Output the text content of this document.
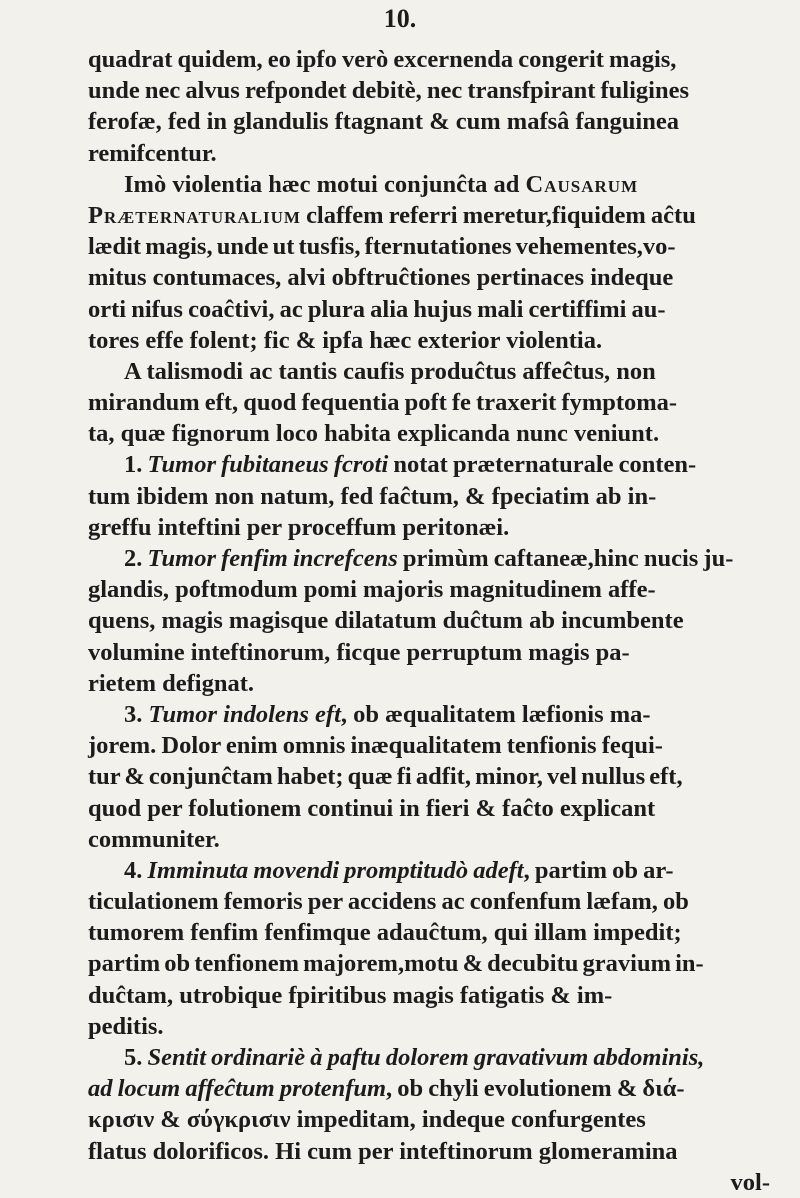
10.
quadrat quidem, eo ipfo verò excernenda congerit magis,
unde nec alvus refpondet debitè, nec transfpirant fuligines
ferofæ, fed in glandulis ftagnant & cum mafsâ fanguinea
remifcentur.
Imò violentia hæc motui conjunĉta ad Causarum
Præternaturalium claffem referri meretur,fiquidem aĉtu
lædit magis, unde ut tusfis, fternutationes vehementes,vo-
mitus contumaces, alvi obftruĉtiones pertinaces indeque
orti nifus coaĉtivi, ac plura alia hujus mali certiffimi au-
tores effe folent; fic & ipfa hæc exterior violentia.
A talismodi ac tantis caufis produĉtus affeĉtus, non
mirandum eft, quod fequentia poft fe traxerit fymptoma-
ta, quæ fignorum loco habita explicanda nunc veniunt.
1. Tumor fubitaneus fcroti notat præternaturale conten-
tum ibidem non natum, fed faĉtum, & fpeciatim ab in-
greffu inteftini per proceffum peritonæi.
2. Tumor fenfim increfcens primùm caftaneæ,hinc nucis ju-
glandis, poftmodum pomi majoris magnitudinem affe-
quens, magis magisque dilatatum duĉtum ab incumbente
volumine inteftinorum, ficque perruptum magis pa-
rietem defignat.
3. Tumor indolens eft, ob æqualitatem læfionis ma-
jorem. Dolor enim omnis inæqualitatem tenfionis fequi-
tur & conjunĉtam habet; quæ fi adfit, minor, vel nullus eft,
quod per folutionem continui in fieri & faĉto explicant
communiter.
4. Imminuta movendi promptitudò adeft, partim ob ar-
ticulationem femoris per accidens ac confenfum læfam, ob
tumorem fenfim fenfimque adauĉtum, qui illam impedit;
partim ob tenfionem majorem,motu & decubitu gravium in-
duĉtam, utrobique fpiritibus magis fatigatis & im-
peditis.
5. Sentit ordinariè à paftu dolorem gravativum abdominis,
ad locum affeĉtum protenfum, ob chyli evolutionem & διά-
κρισιν & σύγκρισιν impeditam, indeque confurgentes
flatus dolorificos. Hi cum per inteftinorum glomeramina
vol-
